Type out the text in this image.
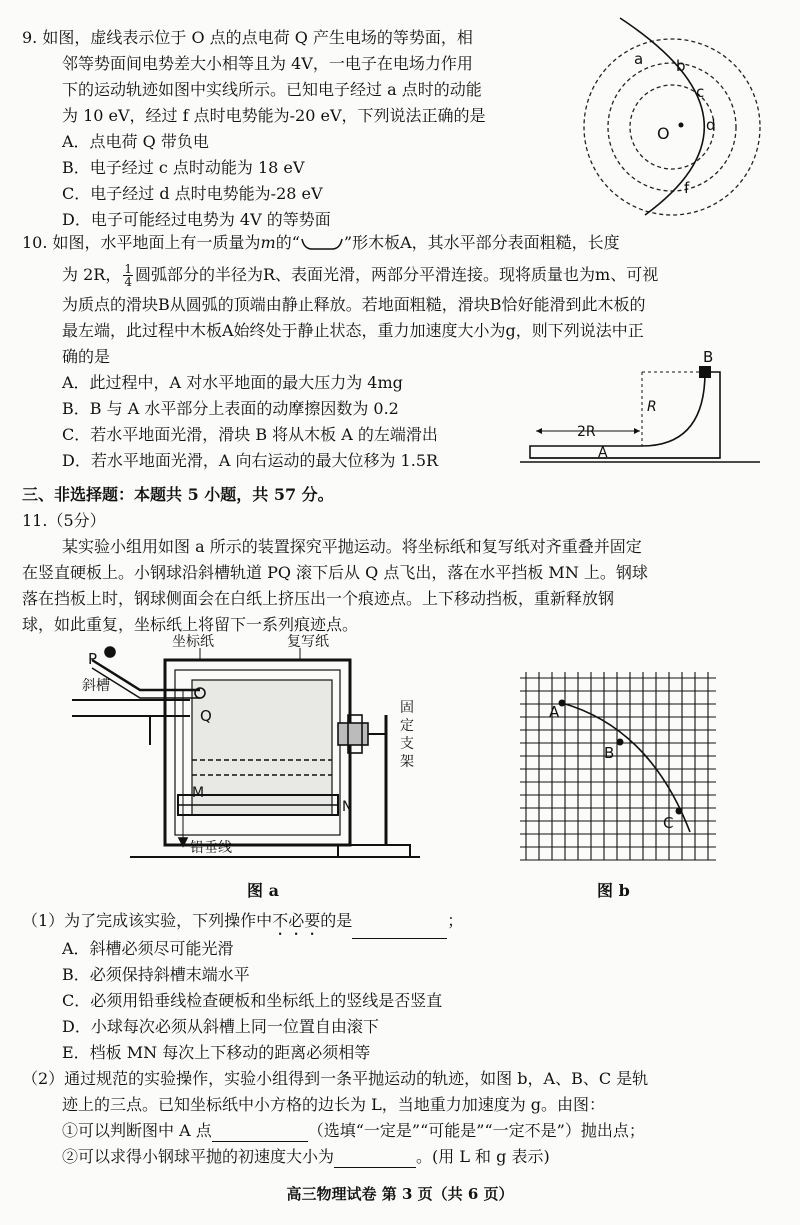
9. 如图，虚线表示位于 O 点的点电荷 Q 产生电场的等势面，相
邻等势面间电势差大小相等且为 4V，一电子在电场力作用
下的运动轨迹如图中实线所示。已知电子经过 a 点时的动能
为 10 eV，经过 f 点时电势能为-20 eV，下列说法正确的是
A．点电荷 Q 带负电
B．电子经过 c 点时动能为 18 eV
C．电子经过 d 点时电势能为-28 eV
D．电子可能经过电势为 4V 的等势面
a b
c
d
O
f
10. 如图，水平地面上有一质量为m的“	”形木板A，其水平部分表面粗糙，长度
为 2R， $\frac{1}{4}$ 圆弧部分的半径为R、表面光滑，两部分平滑连接。现将质量也为m、可视
为质点的滑块B从圆弧的顶端由静止释放。若地面粗糙，滑块B恰好能滑到此木板的
最左端，此过程中木板A始终处于静止状态，重力加速度大小为g，则下列说法中正
确的是
A．此过程中，A 对水平地面的最大压力为 4mg
B．B 与 A 水平部分上表面的动摩擦因数为 0.2
C．若水平地面光滑，滑块 B 将从木板 A 的左端滑出
D．若水平地面光滑，A 向右运动的最大位移为 1.5R
B
R
2R
A
三、非选择题：本题共 5 小题，共 57 分。
11.（5分）
某实验小组用如图 a 所示的装置探究平抛运动。将坐标纸和复写纸对齐重叠并固定
在竖直硬板上。小钢球沿斜槽轨道 PQ 滚下后从 Q 点飞出，落在水平挡板 MN 上。钢球
落在挡板上时，钢球侧面会在白纸上挤压出一个痕迹点。上下移动挡板，重新释放钢
球，如此重复，坐标纸上将留下一系列痕迹点。
坐标纸	复写纸
P
斜槽
Q
M
N
铅垂线
固
定
支
架
A
B
C
图 a	图 b
（1）为了完成该实验，下列操作中不必要的是	；
A．斜槽必须尽可能光滑
B．必须保持斜槽末端水平
C．必须用铅垂线检查硬板和坐标纸上的竖线是否竖直
D．小球每次必须从斜槽上同一位置自由滚下
E．档板 MN 每次上下移动的距离必须相等
（2）通过规范的实验操作，实验小组得到一条平抛运动的轨迹，如图 b，A、B、C 是轨
迹上的三点。已知坐标纸中小方格的边长为 L，当地重力加速度为 g。由图：
①可以判断图中 A 点	（选填“一定是”“可能是”“一定不是”）抛出点；
②可以求得小钢球平抛的初速度大小为	。(用 L 和 g 表示)
高三物理试卷 第 3 页（共 6 页）
